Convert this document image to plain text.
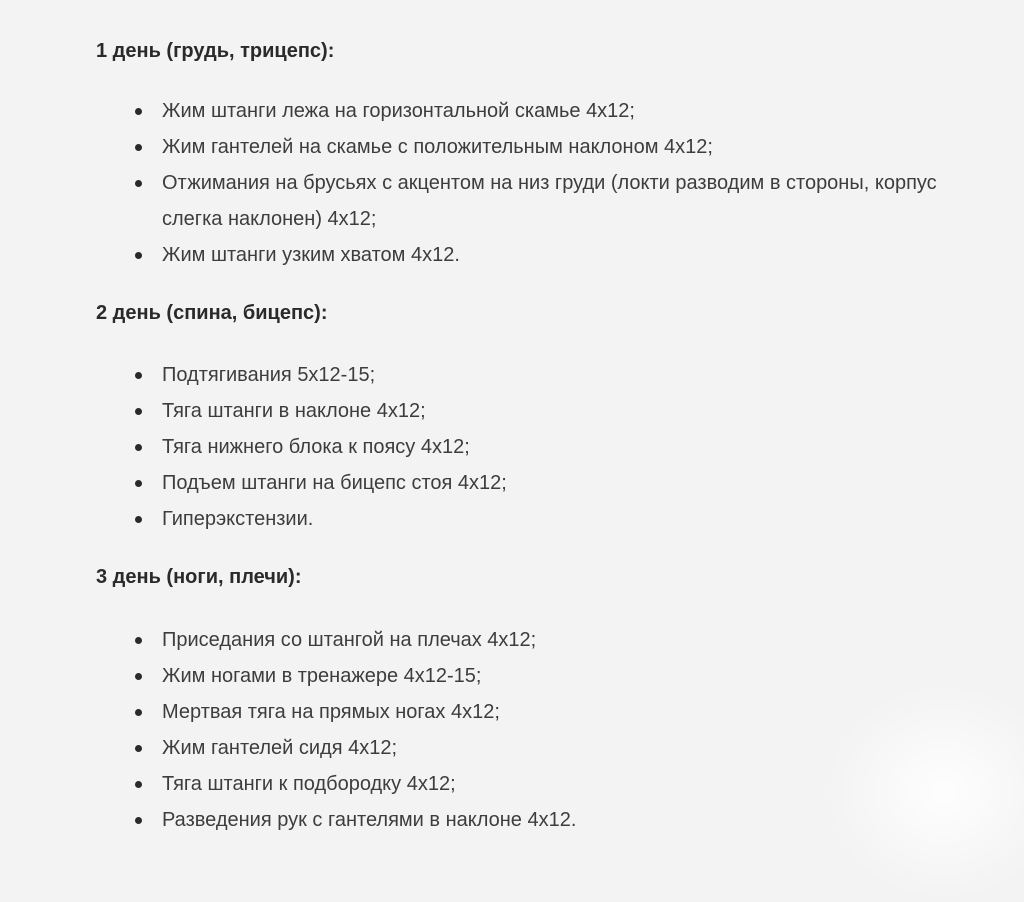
1 день (грудь, трицепс):

Жим штанги лежа на горизонтальной скамье 4x12;
Жим гантелей на скамье с положительным наклоном 4x12;
Отжимания на брусьях с акцентом на низ груди (локти разводим в стороны, корпус слегка наклонен) 4x12;
Жим штанги узким хватом 4x12.

2 день (спина, бицепс):

Подтягивания 5x12-15;
Тяга штанги в наклоне 4x12;
Тяга нижнего блока к поясу 4x12;
Подъем штанги на бицепс стоя 4x12;
Гиперэкстензии.

3 день (ноги, плечи):

Приседания со штангой на плечах 4x12;
Жим ногами в тренажере 4x12-15;
Мертвая тяга на прямых ногах 4x12;
Жим гантелей сидя 4x12;
Тяга штанги к подбородку 4x12;
Разведения рук с гантелями в наклоне 4x12.
